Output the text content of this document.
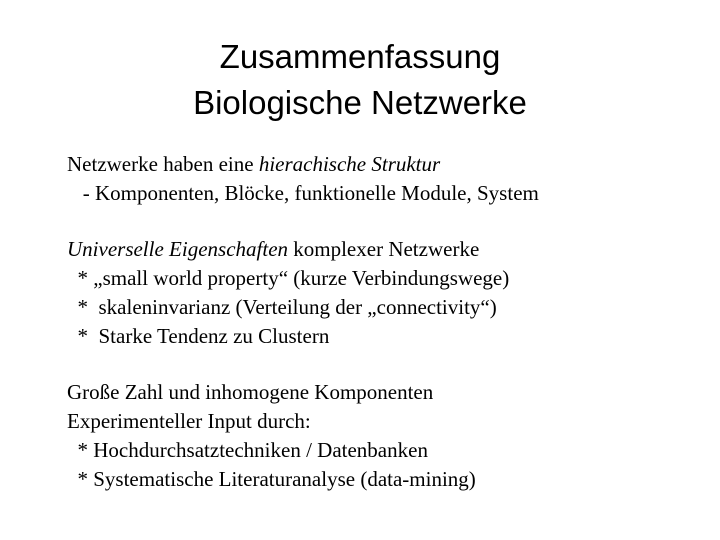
Zusammenfassung
Biologische Netzwerke
Netzwerke haben eine hierachische Struktur
- Komponenten, Blöcke, funktionelle Module, System
Universelle Eigenschaften komplexer Netzwerke
* „small world property“ (kurze Verbindungswege)
*  skaleninvarianz (Verteilung der „connectivity“)
*  Starke Tendenz zu Clustern
Große Zahl und inhomogene Komponenten
Experimenteller Input durch:
* Hochdurchsatztechniken / Datenbanken
* Systematische Literaturanalyse (data-mining)
